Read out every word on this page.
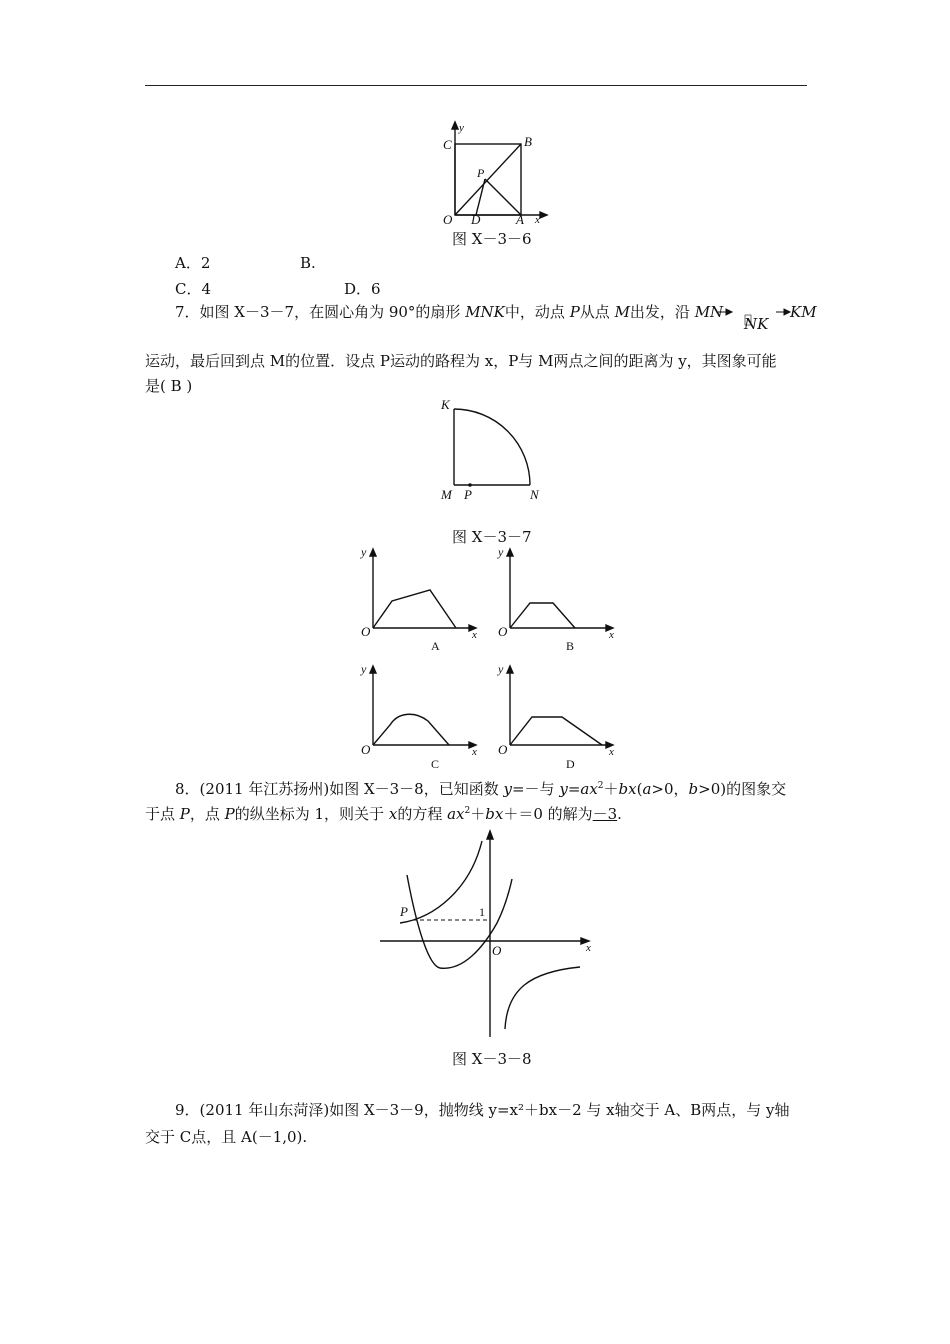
y
C	B
P
O D	A x
图 X－3－6
A．2	B.
C．4	D．6
7．如图 X－3－7，在圆心角为 90°的扇形 MNK中，动点 P从点 M出发，沿 MN
NK
KM
运动，最后回到点 M的位置．设点 P运动的路程为 x，P与 M两点之间的距离为 y，其图象可能
是( B )
K
M P	N
图 X－3－7
y
O	x
A
y
O	x
B
y
O	x
C
y
O	x
D
8．(2011 年江苏扬州)如图 X－3－8，已知函数 y=－与 $y=ax^2+bx(a>0$，b>0)的图象交
于点 P，点 P的纵坐标为 1，则关于 x的方程 $ax^2+bx+=0$ 的解为－3.
P	1
O	x
图 X－3－8
9．(2011 年山东菏泽)如图 X－3－9，抛物线 y=x²＋bx－2 与 x轴交于 A、B两点，与 y轴
交于 C点，且 A(－1,0).
